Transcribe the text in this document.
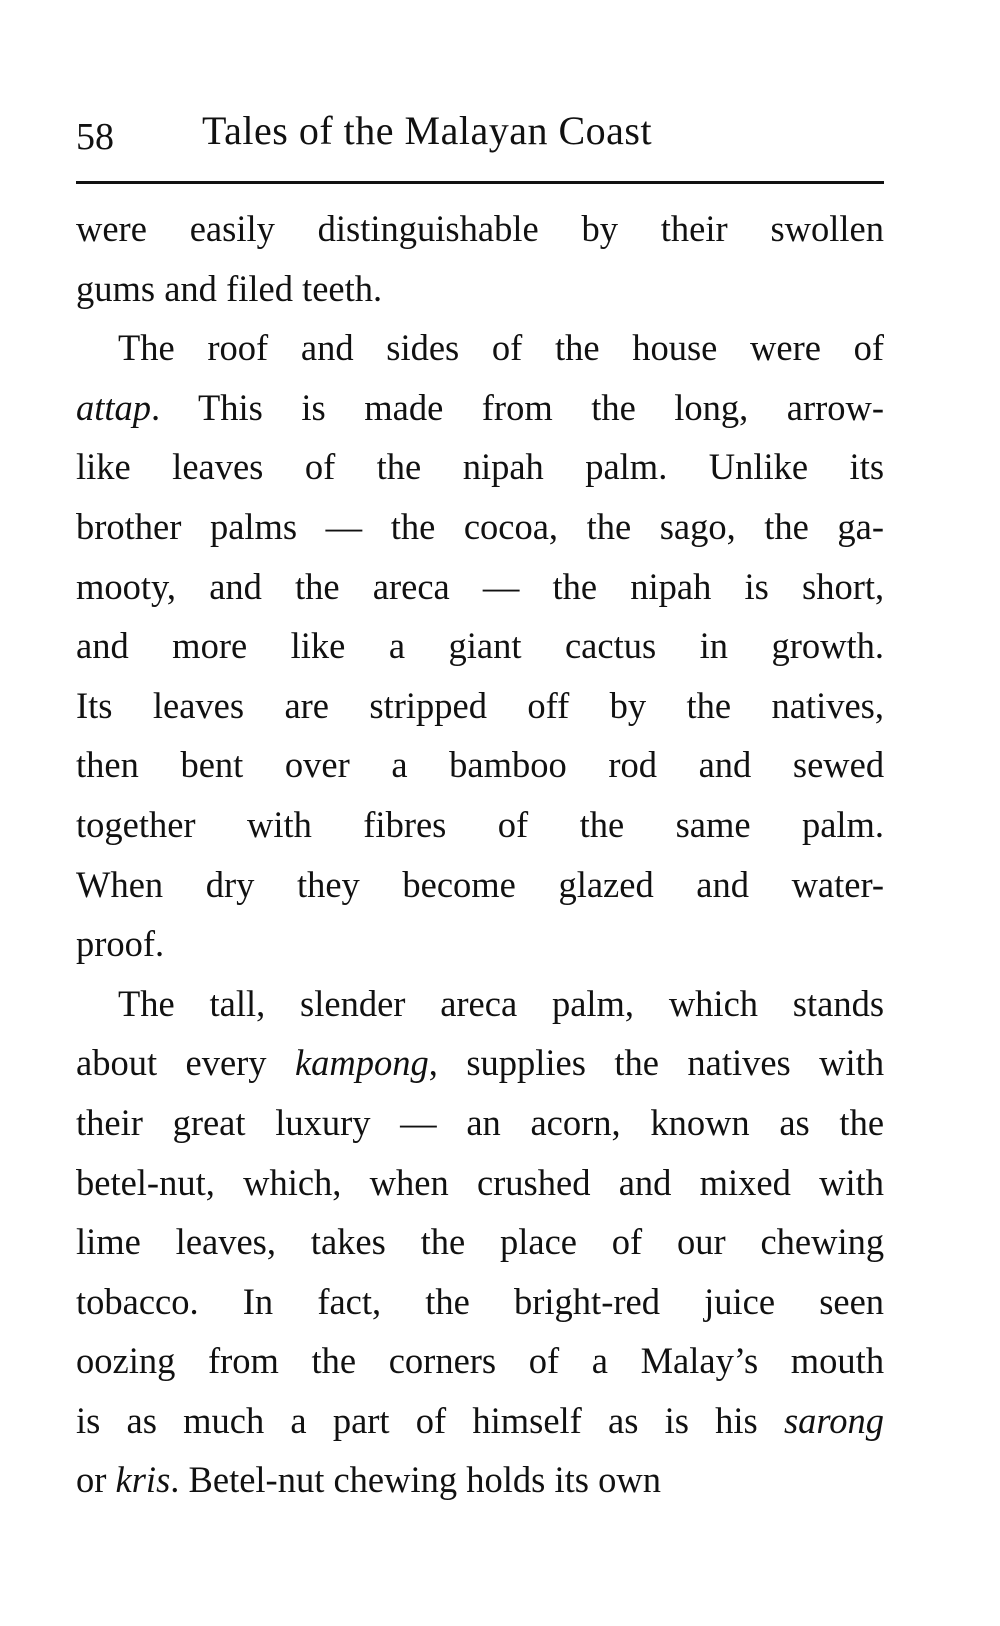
58 Tales of the Malayan Coast
were easily distinguishable by their swollen
gums and filed teeth.
The roof and sides of the house were of
attap. This is made from the long, arrow-
like leaves of the nipah palm. Unlike its
brother palms — the cocoa, the sago, the ga-
mooty, and the areca — the nipah is short,
and more like a giant cactus in growth.
Its leaves are stripped off by the natives,
then bent over a bamboo rod and sewed
together with fibres of the same palm.
When dry they become glazed and water-
proof.
The tall, slender areca palm, which stands
about every kampong, supplies the natives with
their great luxury — an acorn, known as the
betel-nut, which, when crushed and mixed with
lime leaves, takes the place of our chewing
tobacco. In fact, the bright-red juice seen
oozing from the corners of a Malay’s mouth
is as much a part of himself as is his sarong
or kris. Betel-nut chewing holds its own
